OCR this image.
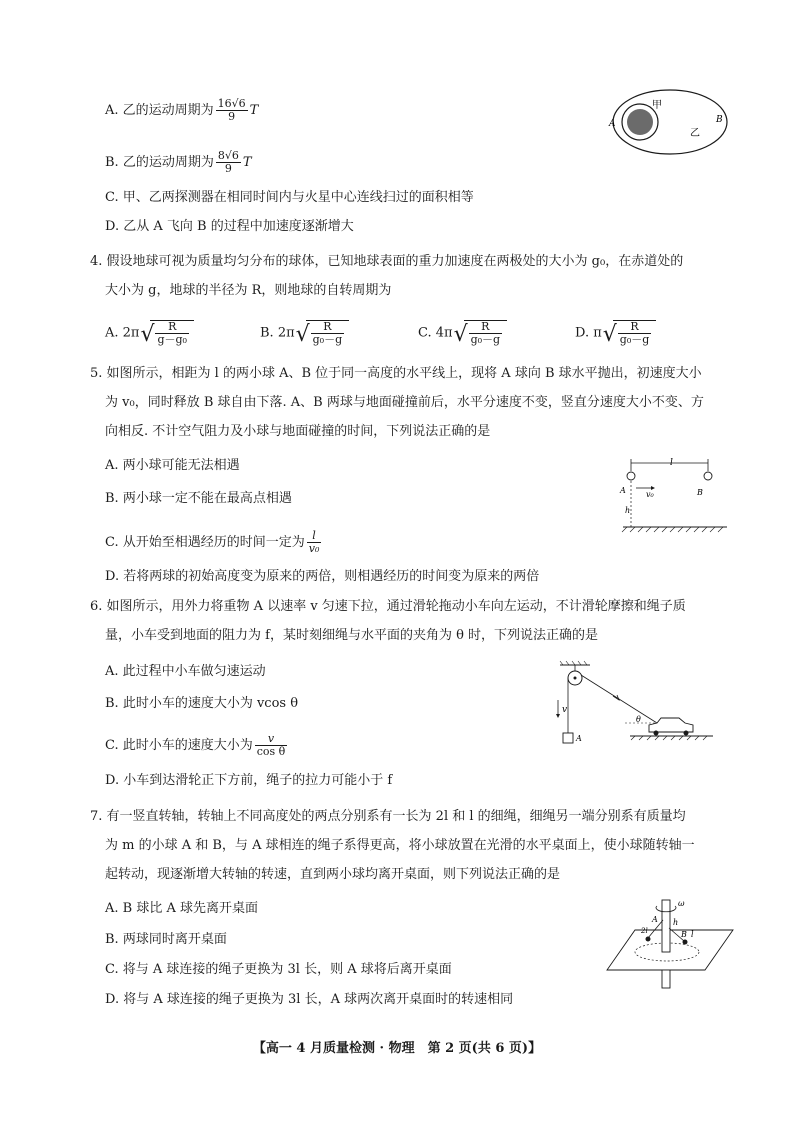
A. 乙的运动周期为 $\frac{16√6}{9}$ T
B. 乙的运动周期为 $\frac{8√6}{9}$ T
C. 甲、乙两探测器在相同时间内与火星中心连线扫过的面积相等
D. 乙从 A 飞向 B 的过程中加速度逐渐增大
甲
乙
A	B
4. 假设地球可视为质量均匀分布的球体，已知地球表面的重力加速度在两极处的大小为 g₀，在赤道处的
大小为 g，地球的半径为 R，则地球的自转周期为
A. 2π √ $\frac{R}{\text{g－g₀}}$	B. 2π √ $\frac{R}{\text{g₀－g}}$	C. 4π √ $\frac{R}{\text{g₀－g}}$	D. π √ $\frac{R}{\text{g₀－g}}$
5. 如图所示，相距为 l 的两小球 A、B 位于同一高度的水平线上，现将 A 球向 B 球水平抛出，初速度大小
为 v₀，同时释放 B 球自由下落. A、B 两球与地面碰撞前后，水平分速度不变，竖直分速度大小不变、方
向相反. 不计空气阻力及小球与地面碰撞的时间，下列说法正确的是
A. 两小球可能无法相遇
B. 两小球一定不能在最高点相遇
C. 从开始至相遇经历的时间一定为 $\frac{l}{\text{v₀}}$
D. 若将两球的初始高度变为原来的两倍，则相遇经历的时间变为原来的两倍
l
A	v₀	B
h
6. 如图所示，用外力将重物 A 以速率 v 匀速下拉，通过滑轮拖动小车向左运动，不计滑轮摩擦和绳子质
量，小车受到地面的阻力为 f，某时刻细绳与水平面的夹角为 θ 时，下列说法正确的是
A. 此过程中小车做匀速运动
B. 此时小车的速度大小为 vcos θ
C. 此时小车的速度大小为 $\frac{v}{\text{cos θ}}$
D. 小车到达滑轮正下方前，绳子的拉力可能小于 f
A
v
θ
7. 有一竖直转轴，转轴上不同高度处的两点分别系有一长为 2l 和 l 的细绳，细绳另一端分别系有质量均
为 m 的小球 A 和 B，与 A 球相连的绳子系得更高，将小球放置在光滑的水平桌面上，使小球随转轴一
起转动，现逐渐增大转轴的转速，直到两小球均离开桌面，则下列说法正确的是
A. B 球比 A 球先离开桌面
B. 两球同时离开桌面
C. 将与 A 球连接的绳子更换为 3l 长，则 A 球将后离开桌面
D. 将与 A 球连接的绳子更换为 3l 长，A 球两次离开桌面时的转速相同
ω
A h
2l	B l
【高一 4 月质量检测 · 物理　第 2 页(共 6 页)】
